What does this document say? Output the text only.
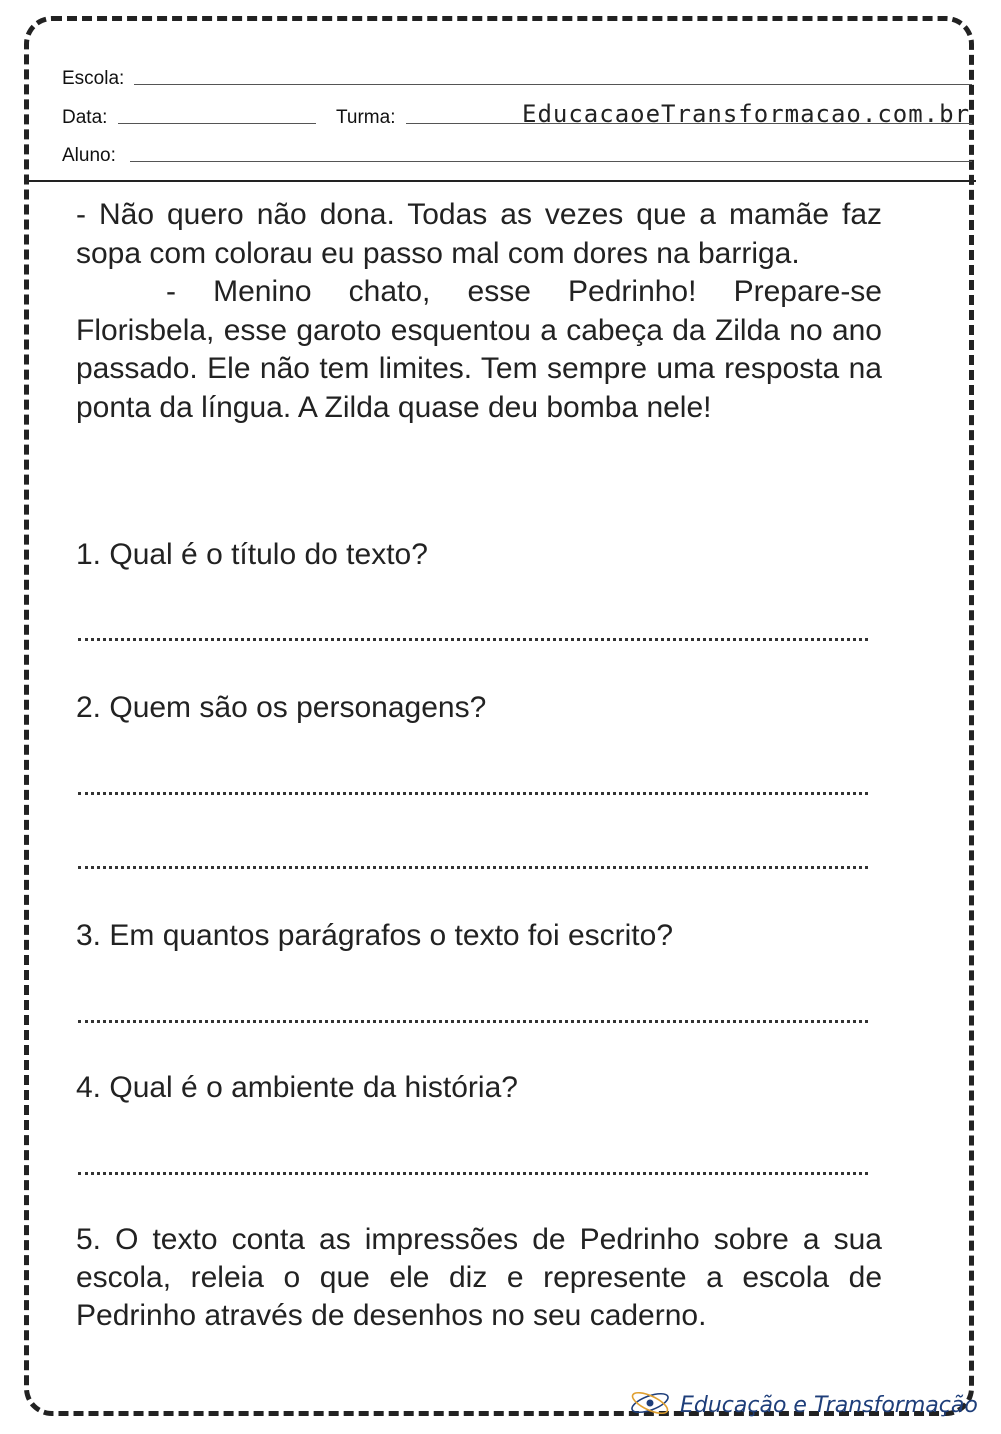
Escola:
Data:	Turma:	EducacaoeTransformacao.com.br
Aluno:

- Não quero não dona. Todas as vezes que a mamãe faz sopa com colorau eu passo mal com dores na barriga.

- Menino chato, esse Pedrinho! Prepare-se Florisbela, esse garoto esquentou a cabeça da Zilda no ano passado. Ele não tem limites. Tem sempre uma resposta na ponta da língua. A Zilda quase deu bomba nele!

1. Qual é o título do texto?

2. Quem são os personagens?

3. Em quantos parágrafos o texto foi escrito?

4. Qual é o ambiente da história?

5. O texto conta as impressões de Pedrinho sobre a sua escola, releia o que ele diz e represente a escola de Pedrinho através de desenhos no seu caderno.

Educação e Transformação
